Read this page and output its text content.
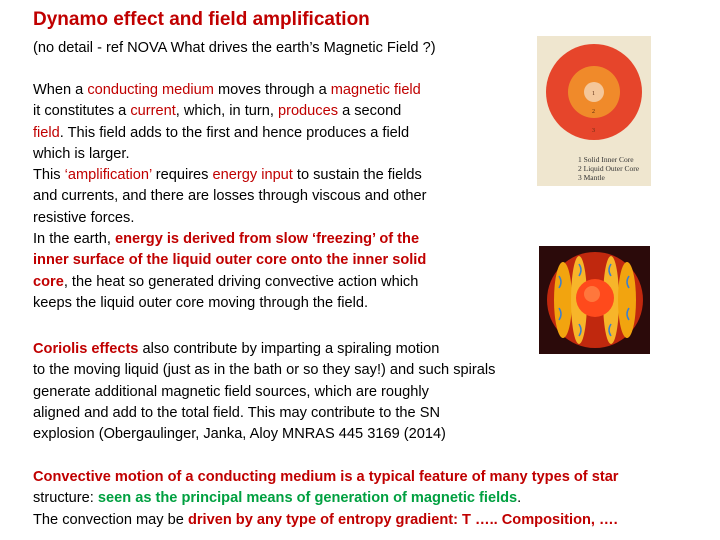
Dynamo effect and field amplification
(no detail - ref NOVA What drives the earth’s Magnetic Field ?)
When a conducting medium moves through a magnetic field
it constitutes a current, which, in turn, produces a second
field. This field adds to the first and hence produces a field
which is larger.
This ‘amplification’ requires energy input to sustain the fields
and currents, and there are losses through viscous and other
resistive forces.
In the earth, energy is derived from slow ‘freezing’ of the
inner surface of the liquid outer core onto the inner solid
core, the heat so generated driving convective action which
keeps the liquid outer core moving through the field.
Coriolis effects also contribute by imparting a spiraling motion
to the moving liquid (just as in the bath or so they say!) and such spirals
generate additional magnetic field sources, which are roughly
aligned and add to the total field. This may contribute to the SN
explosion (Obergaulinger, Janka, Aloy MNRAS 445 3169 (2014)
Convective motion of a conducting medium is a typical feature of many types of star
structure: seen as the principal means of generation of magnetic fields.
The convection may be driven by any type of entropy gradient: T ….. Composition, ….
1
2
3
1 Solid Inner Core
2 Liquid Outer Core
3 Mantle
